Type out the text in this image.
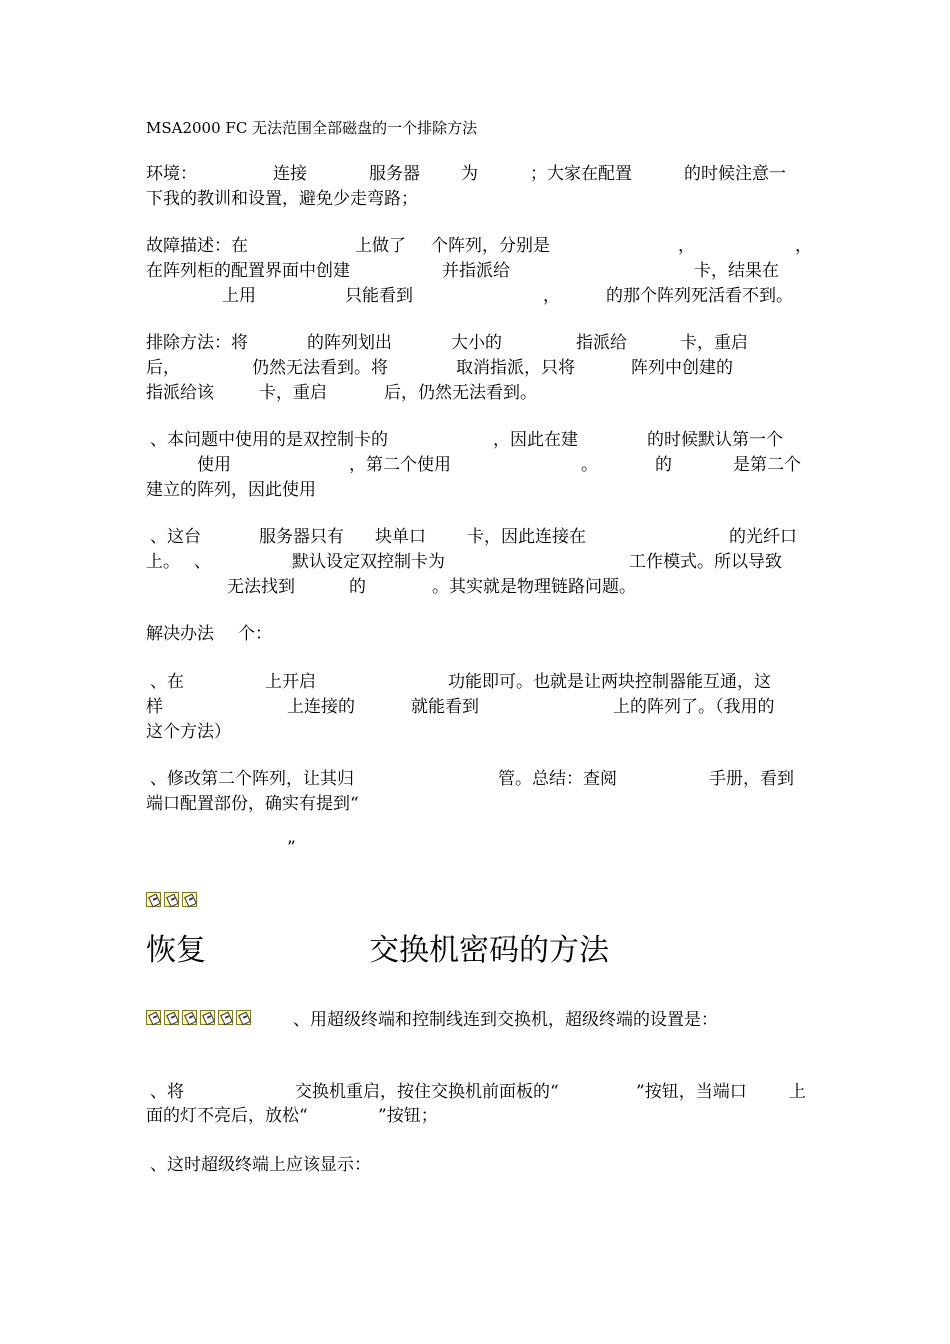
MSA2000 FC 无法范围全部磁盘的一个排除方法
环境：	连接	服务器 为	；大家在配置	的时候注意一
下我的教训和设置，避免少走弯路；
故障描述：在	上做了 个阵列，分别是	，	，
在阵列柜的配置界面中创建	并指派给	卡，结果在
上用	只能看到	，	的那个阵列死活看不到。
排除方法：将	的阵列划出	大小的	指派给	卡，重启
后，	仍然无法看到。将	取消指派，只将	阵列中创建的
指派给该	卡，重启	后，仍然无法看到。
、本问题中使用的是双控制卡的	，因此在建	的时候默认第一个
使用	，第二个使用	。	的	是第二个
建立的阵列，因此使用
、这台	服务器只有 块单口 卡，因此连接在	的光纤口
上。 、	默认设定双控制卡为	工作模式。所以导致
无法找到	的	。其实就是物理链路问题。
解决办法 个：
、在	上开启	功能即可。也就是让两块控制器能互通，这
样	上连接的	就能看到	上的阵列了。（我用的
这个方法）
、修改第二个阵列，让其归	管。总结：查阅	手册，看到
端口配置部份，确实有提到“
”
恢复	交换机密码的方法
、用超级终端和控制线连到交换机，超级终端的设置是：
、将	交换机重启，按住交换机前面板的“	”按钮，当端口 上
面的灯不亮后，放松“	”按钮；
、这时超级终端上应该显示：
